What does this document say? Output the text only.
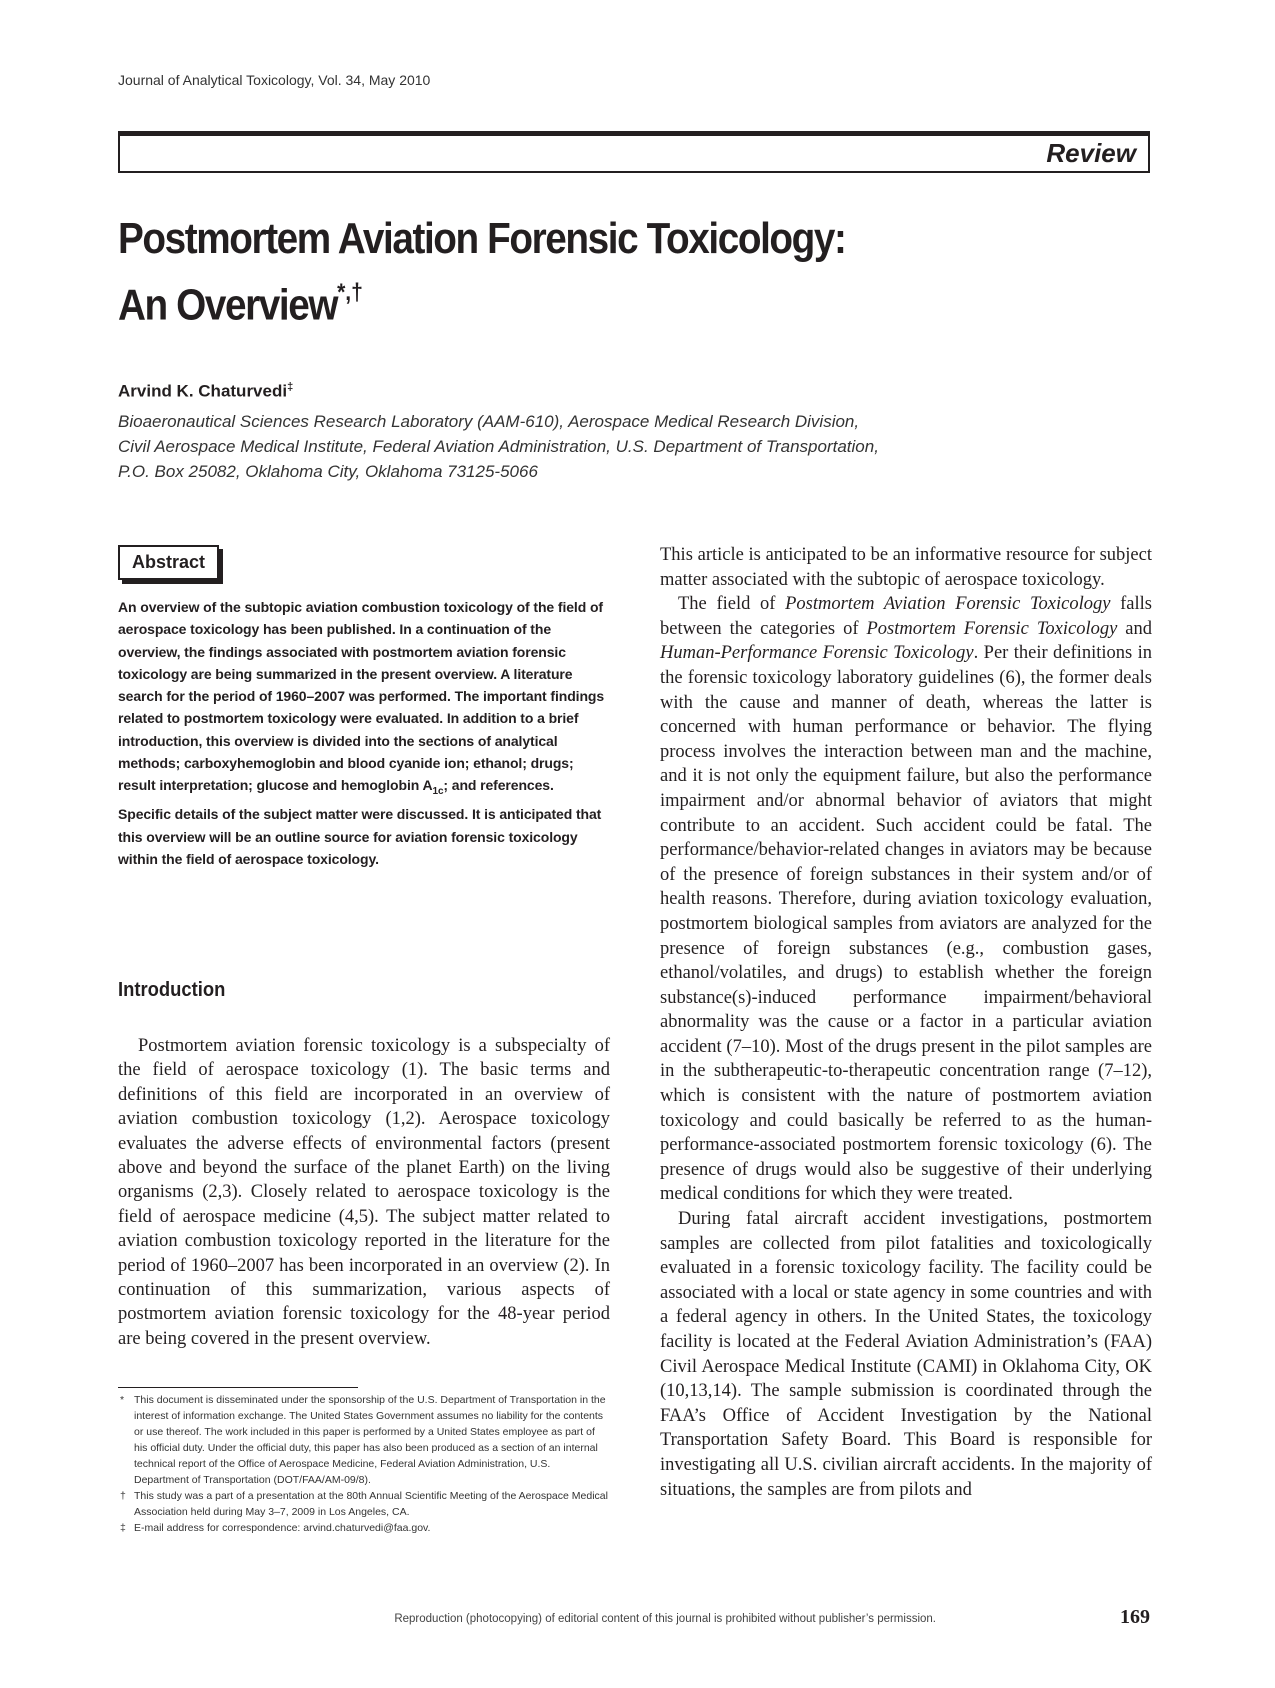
Journal of Analytical Toxicology, Vol. 34, May 2010
Review
Postmortem Aviation Forensic Toxicology:
An Overview*,†
Arvind K. Chaturvedi‡
Bioaeronautical Sciences Research Laboratory (AAM-610), Aerospace Medical Research Division,
Civil Aerospace Medical Institute, Federal Aviation Administration, U.S. Department of Transportation,
P.O. Box 25082, Oklahoma City, Oklahoma 73125-5066
Abstract
An overview of the subtopic aviation combustion toxicology of the field of aerospace toxicology has been published. In a continuation of the overview, the findings associated with postmortem aviation forensic toxicology are being summarized in the present overview. A literature search for the period of 1960–2007 was performed. The important findings related to postmortem toxicology were evaluated. In addition to a brief introduction, this overview is divided into the sections of analytical methods; carboxyhemoglobin and blood cyanide ion; ethanol; drugs; result interpretation; glucose and hemoglobin $A_{1c}$; and references. Specific details of the subject matter were discussed. It is anticipated that this overview will be an outline source for aviation forensic toxicology within the field of aerospace toxicology.
Introduction

Postmortem aviation forensic toxicology is a subspecialty of the field of aerospace toxicology (1). The basic terms and definitions of this field are incorporated in an overview of aviation combustion toxicology (1,2). Aerospace toxicology evaluates the adverse effects of environmental factors (present above and beyond the surface of the planet Earth) on the living organisms (2,3). Closely related to aerospace toxicology is the field of aerospace medicine (4,5). The subject matter related to aviation combustion toxicology reported in the literature for the period of 1960–2007 has been incorporated in an overview (2). In continuation of this summarization, various aspects of postmortem aviation forensic toxicology for the 48-year period are being covered in the present overview.

* This document is disseminated under the sponsorship of the U.S. Department of Transportation in the interest of information exchange. The United States Government assumes no liability for the contents or use thereof. The work included in this paper is performed by a United States employee as part of his official duty. Under the official duty, this paper has also been produced as a section of an internal technical report of the Office of Aerospace Medicine, Federal Aviation Administration, U.S. Department of Transportation (DOT/FAA/AM-09/8).
† This study was a part of a presentation at the 80th Annual Scientific Meeting of the Aerospace Medical Association held during May 3–7, 2009 in Los Angeles, CA.
‡ E-mail address for correspondence: arvind.chaturvedi@faa.gov.

This article is anticipated to be an informative resource for subject matter associated with the subtopic of aerospace toxicology.

The field of Postmortem Aviation Forensic Toxicology falls between the categories of Postmortem Forensic Toxicology and Human-Performance Forensic Toxicology. Per their definitions in the forensic toxicology laboratory guidelines (6), the former deals with the cause and manner of death, whereas the latter is concerned with human performance or behavior. The flying process involves the interaction between man and the machine, and it is not only the equipment failure, but also the performance impairment and/or abnormal behavior of aviators that might contribute to an accident. Such accident could be fatal. The performance/behavior-related changes in aviators may be because of the presence of foreign substances in their system and/or of health reasons. Therefore, during aviation toxicology evaluation, postmortem biological samples from aviators are analyzed for the presence of foreign substances (e.g., combustion gases, ethanol/volatiles, and drugs) to establish whether the foreign substance(s)-induced performance impairment/behavioral abnormality was the cause or a factor in a particular aviation accident (7–10). Most of the drugs present in the pilot samples are in the subtherapeutic-to-therapeutic concentration range (7–12), which is consistent with the nature of postmortem aviation toxicology and could basically be referred to as the human-performance-associated postmortem forensic toxicology (6). The presence of drugs would also be suggestive of their underlying medical conditions for which they were treated.

During fatal aircraft accident investigations, postmortem samples are collected from pilot fatalities and toxicologically evaluated in a forensic toxicology facility. The facility could be associated with a local or state agency in some countries and with a federal agency in others. In the United States, the toxicology facility is located at the Federal Aviation Administration’s (FAA) Civil Aerospace Medical Institute (CAMI) in Oklahoma City, OK (10,13,14). The sample submission is coordinated through the FAA’s Office of Accident Investigation by the National Transportation Safety Board. This Board is responsible for investigating all U.S. civilian aircraft accidents. In the majority of situations, the samples are from pilots and

Reproduction (photocopying) of editorial content of this journal is prohibited without publisher’s permission.	169
